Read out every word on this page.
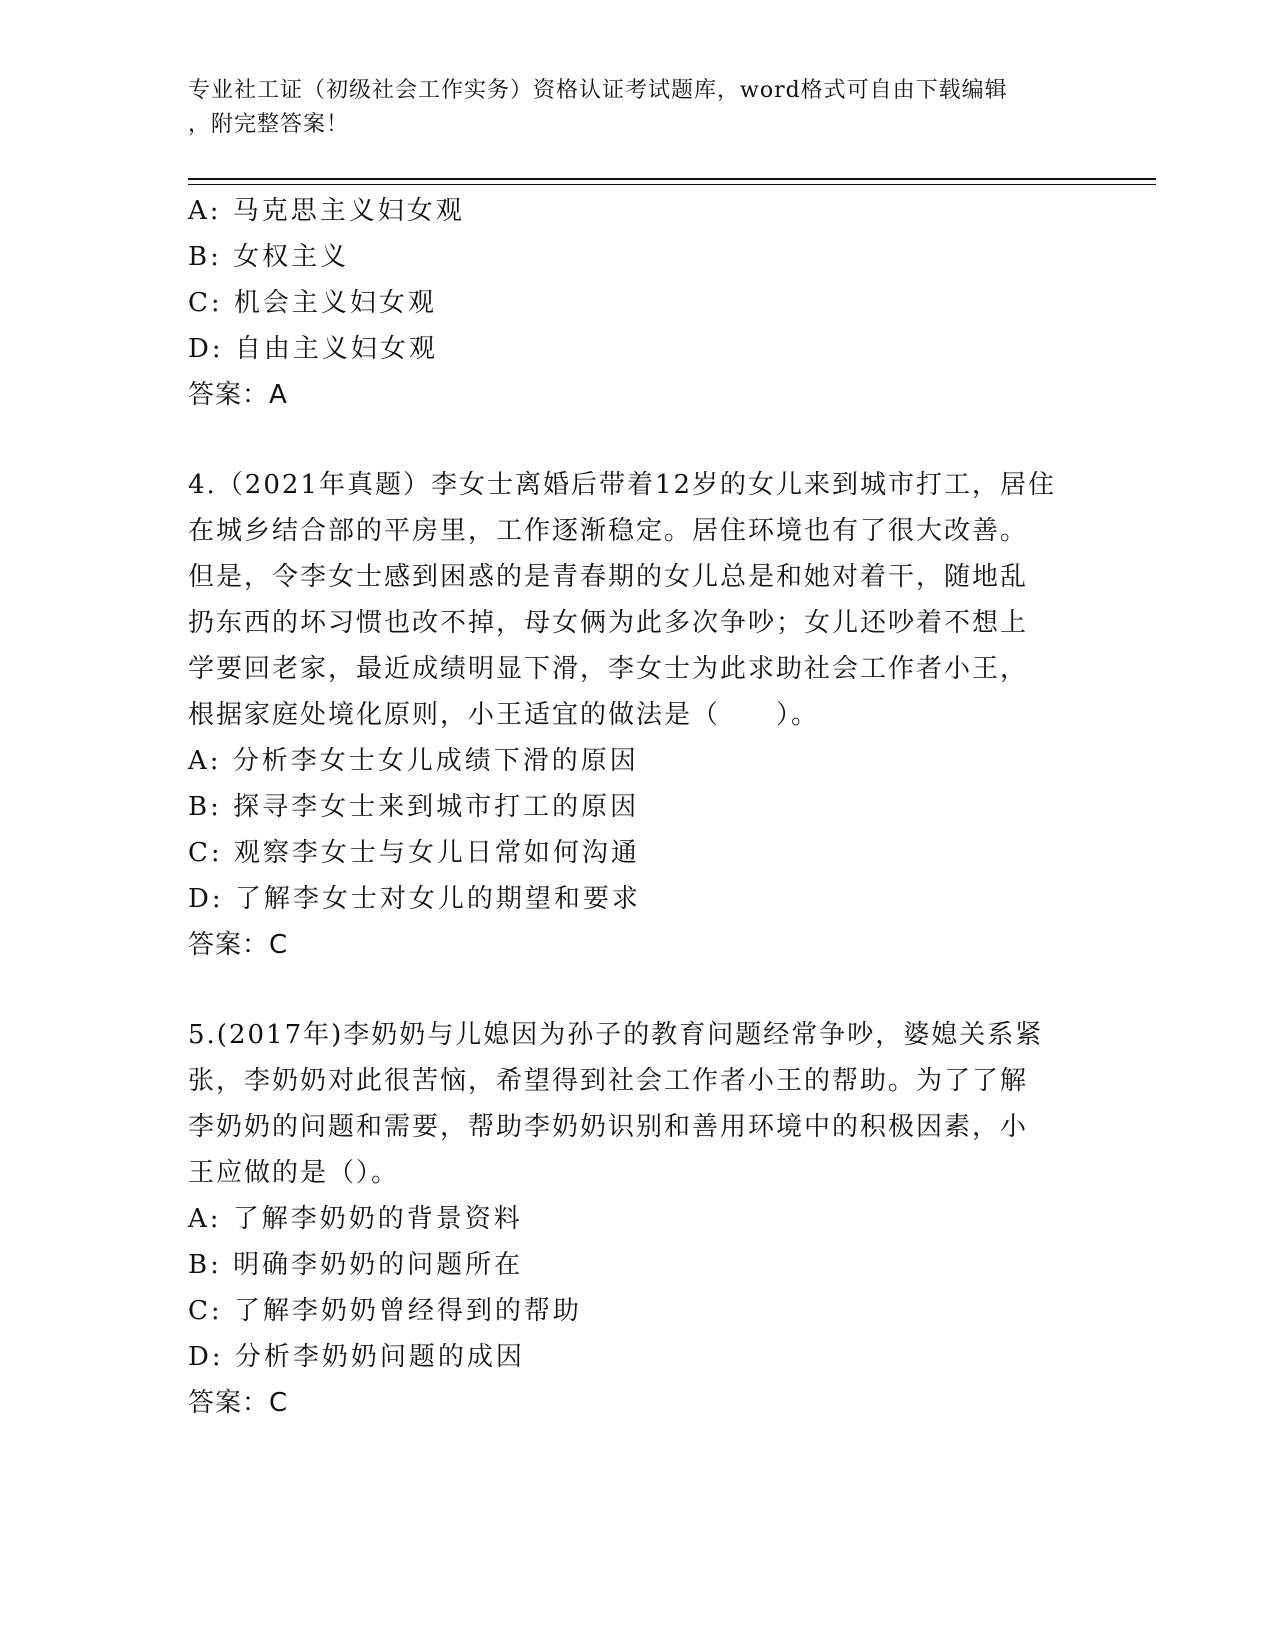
专业社工证（初级社会工作实务）资格认证考试题库，word格式可自由下载编辑
，附完整答案！
A: 马克思主义妇女观
B: 女权主义
C: 机会主义妇女观
D: 自由主义妇女观
答案：A
4.（2021年真题）李女士离婚后带着12岁的女儿来到城市打工，居住
在城乡结合部的平房里，工作逐渐稳定。居住环境也有了很大改善。
但是，令李女士感到困惑的是青春期的女儿总是和她对着干，随地乱
扔东西的坏习惯也改不掉，母女俩为此多次争吵；女儿还吵着不想上
学要回老家，最近成绩明显下滑，李女士为此求助社会工作者小王，
根据家庭处境化原则，小王适宜的做法是（　　）。
A: 分析李女士女儿成绩下滑的原因
B: 探寻李女士来到城市打工的原因
C: 观察李女士与女儿日常如何沟通
D: 了解李女士对女儿的期望和要求
答案：C
5.(2017年)李奶奶与儿媳因为孙子的教育问题经常争吵，婆媳关系紧
张，李奶奶对此很苦恼，希望得到社会工作者小王的帮助。为了了解
李奶奶的问题和需要，帮助李奶奶识别和善用环境中的积极因素，小
王应做的是（）。
A: 了解李奶奶的背景资料
B: 明确李奶奶的问题所在
C: 了解李奶奶曾经得到的帮助
D: 分析李奶奶问题的成因
答案：C
